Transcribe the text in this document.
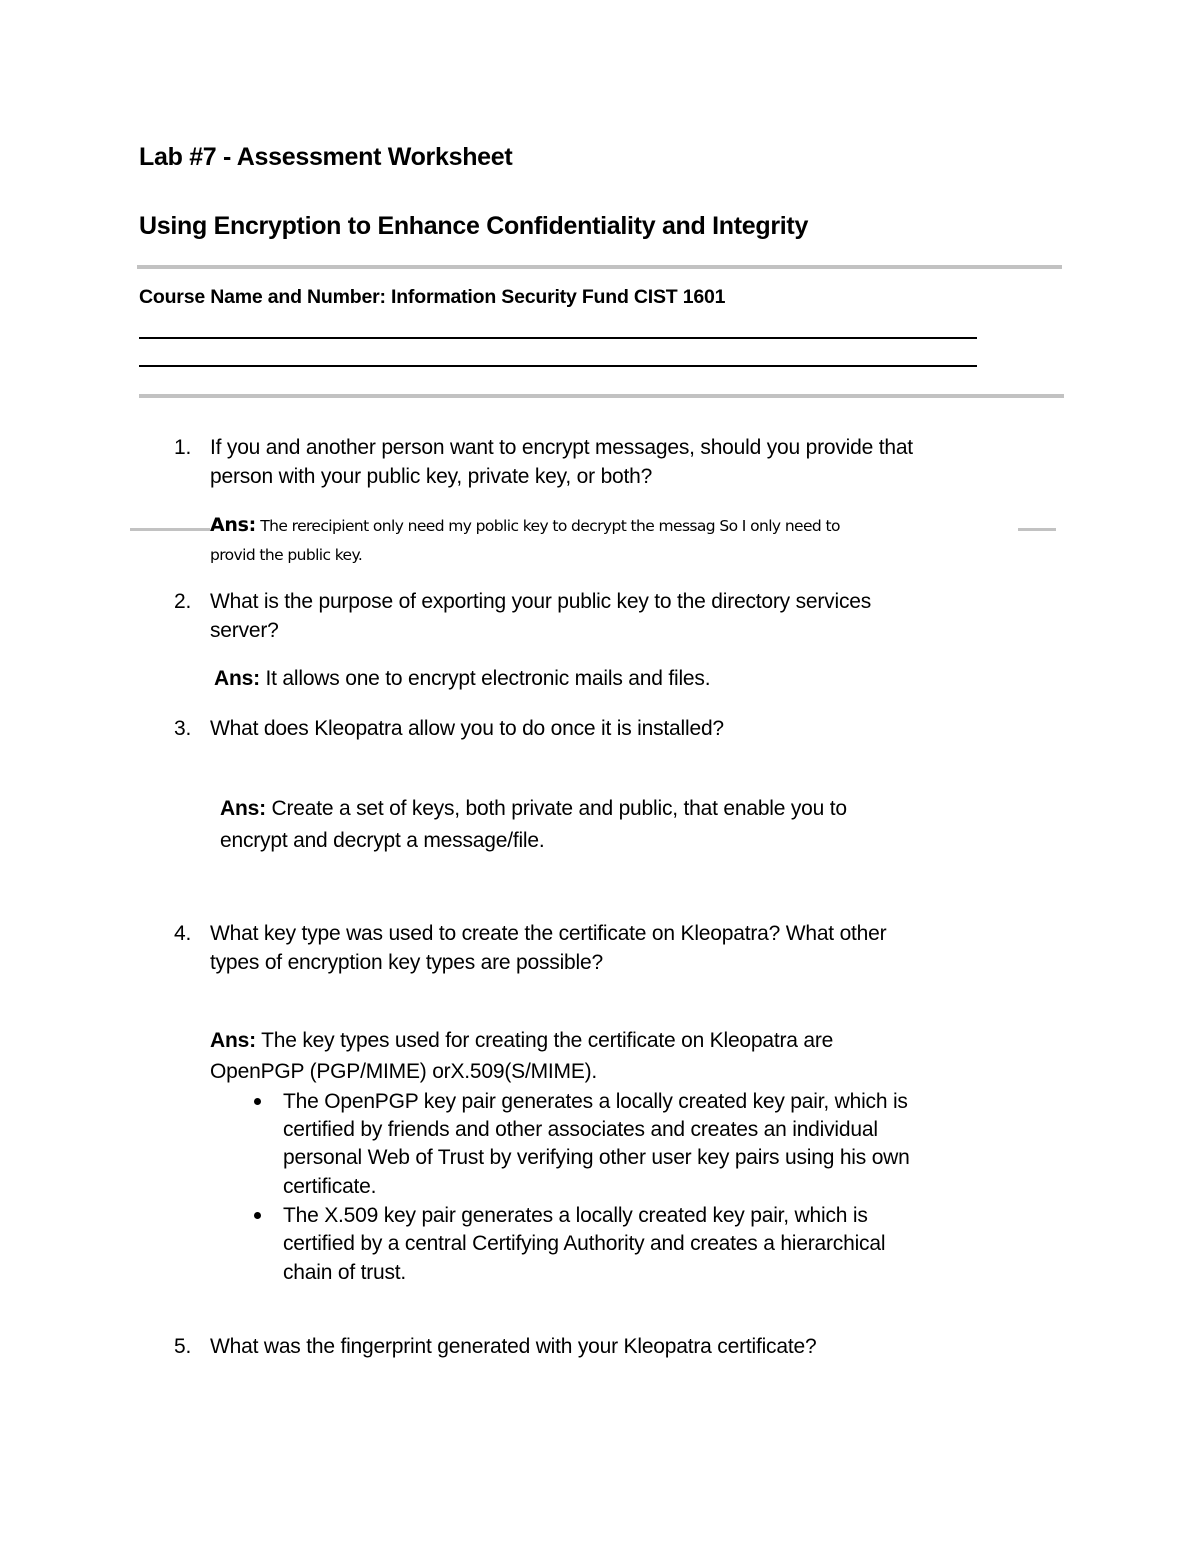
Lab #7 - Assessment Worksheet
Using Encryption to Enhance Confidentiality and Integrity
Course Name and Number: Information Security Fund CIST 1601
1. If you and another person want to encrypt messages, should you provide that
person with your public key, private key, or both?
Ans: The rerecipient only need my poblic key to decrypt the messag So I only need to
provid the public key.
2. What is the purpose of exporting your public key to the directory services
server?
Ans: It allows one to encrypt electronic mails and files.
3. What does Kleopatra allow you to do once it is installed?
Ans: Create a set of keys, both private and public, that enable you to
encrypt and decrypt a message/file.
4. What key type was used to create the certificate on Kleopatra? What other
types of encryption key types are possible?
Ans: The key types used for creating the certificate on Kleopatra are
OpenPGP (PGP/MIME) orX.509(S/MIME).
The OpenPGP key pair generates a locally created key pair, which is
certified by friends and other associates and creates an individual
personal Web of Trust by verifying other user key pairs using his own
certificate.
The X.509 key pair generates a locally created key pair, which is
certified by a central Certifying Authority and creates a hierarchical
chain of trust.
5. What was the fingerprint generated with your Kleopatra certificate?
